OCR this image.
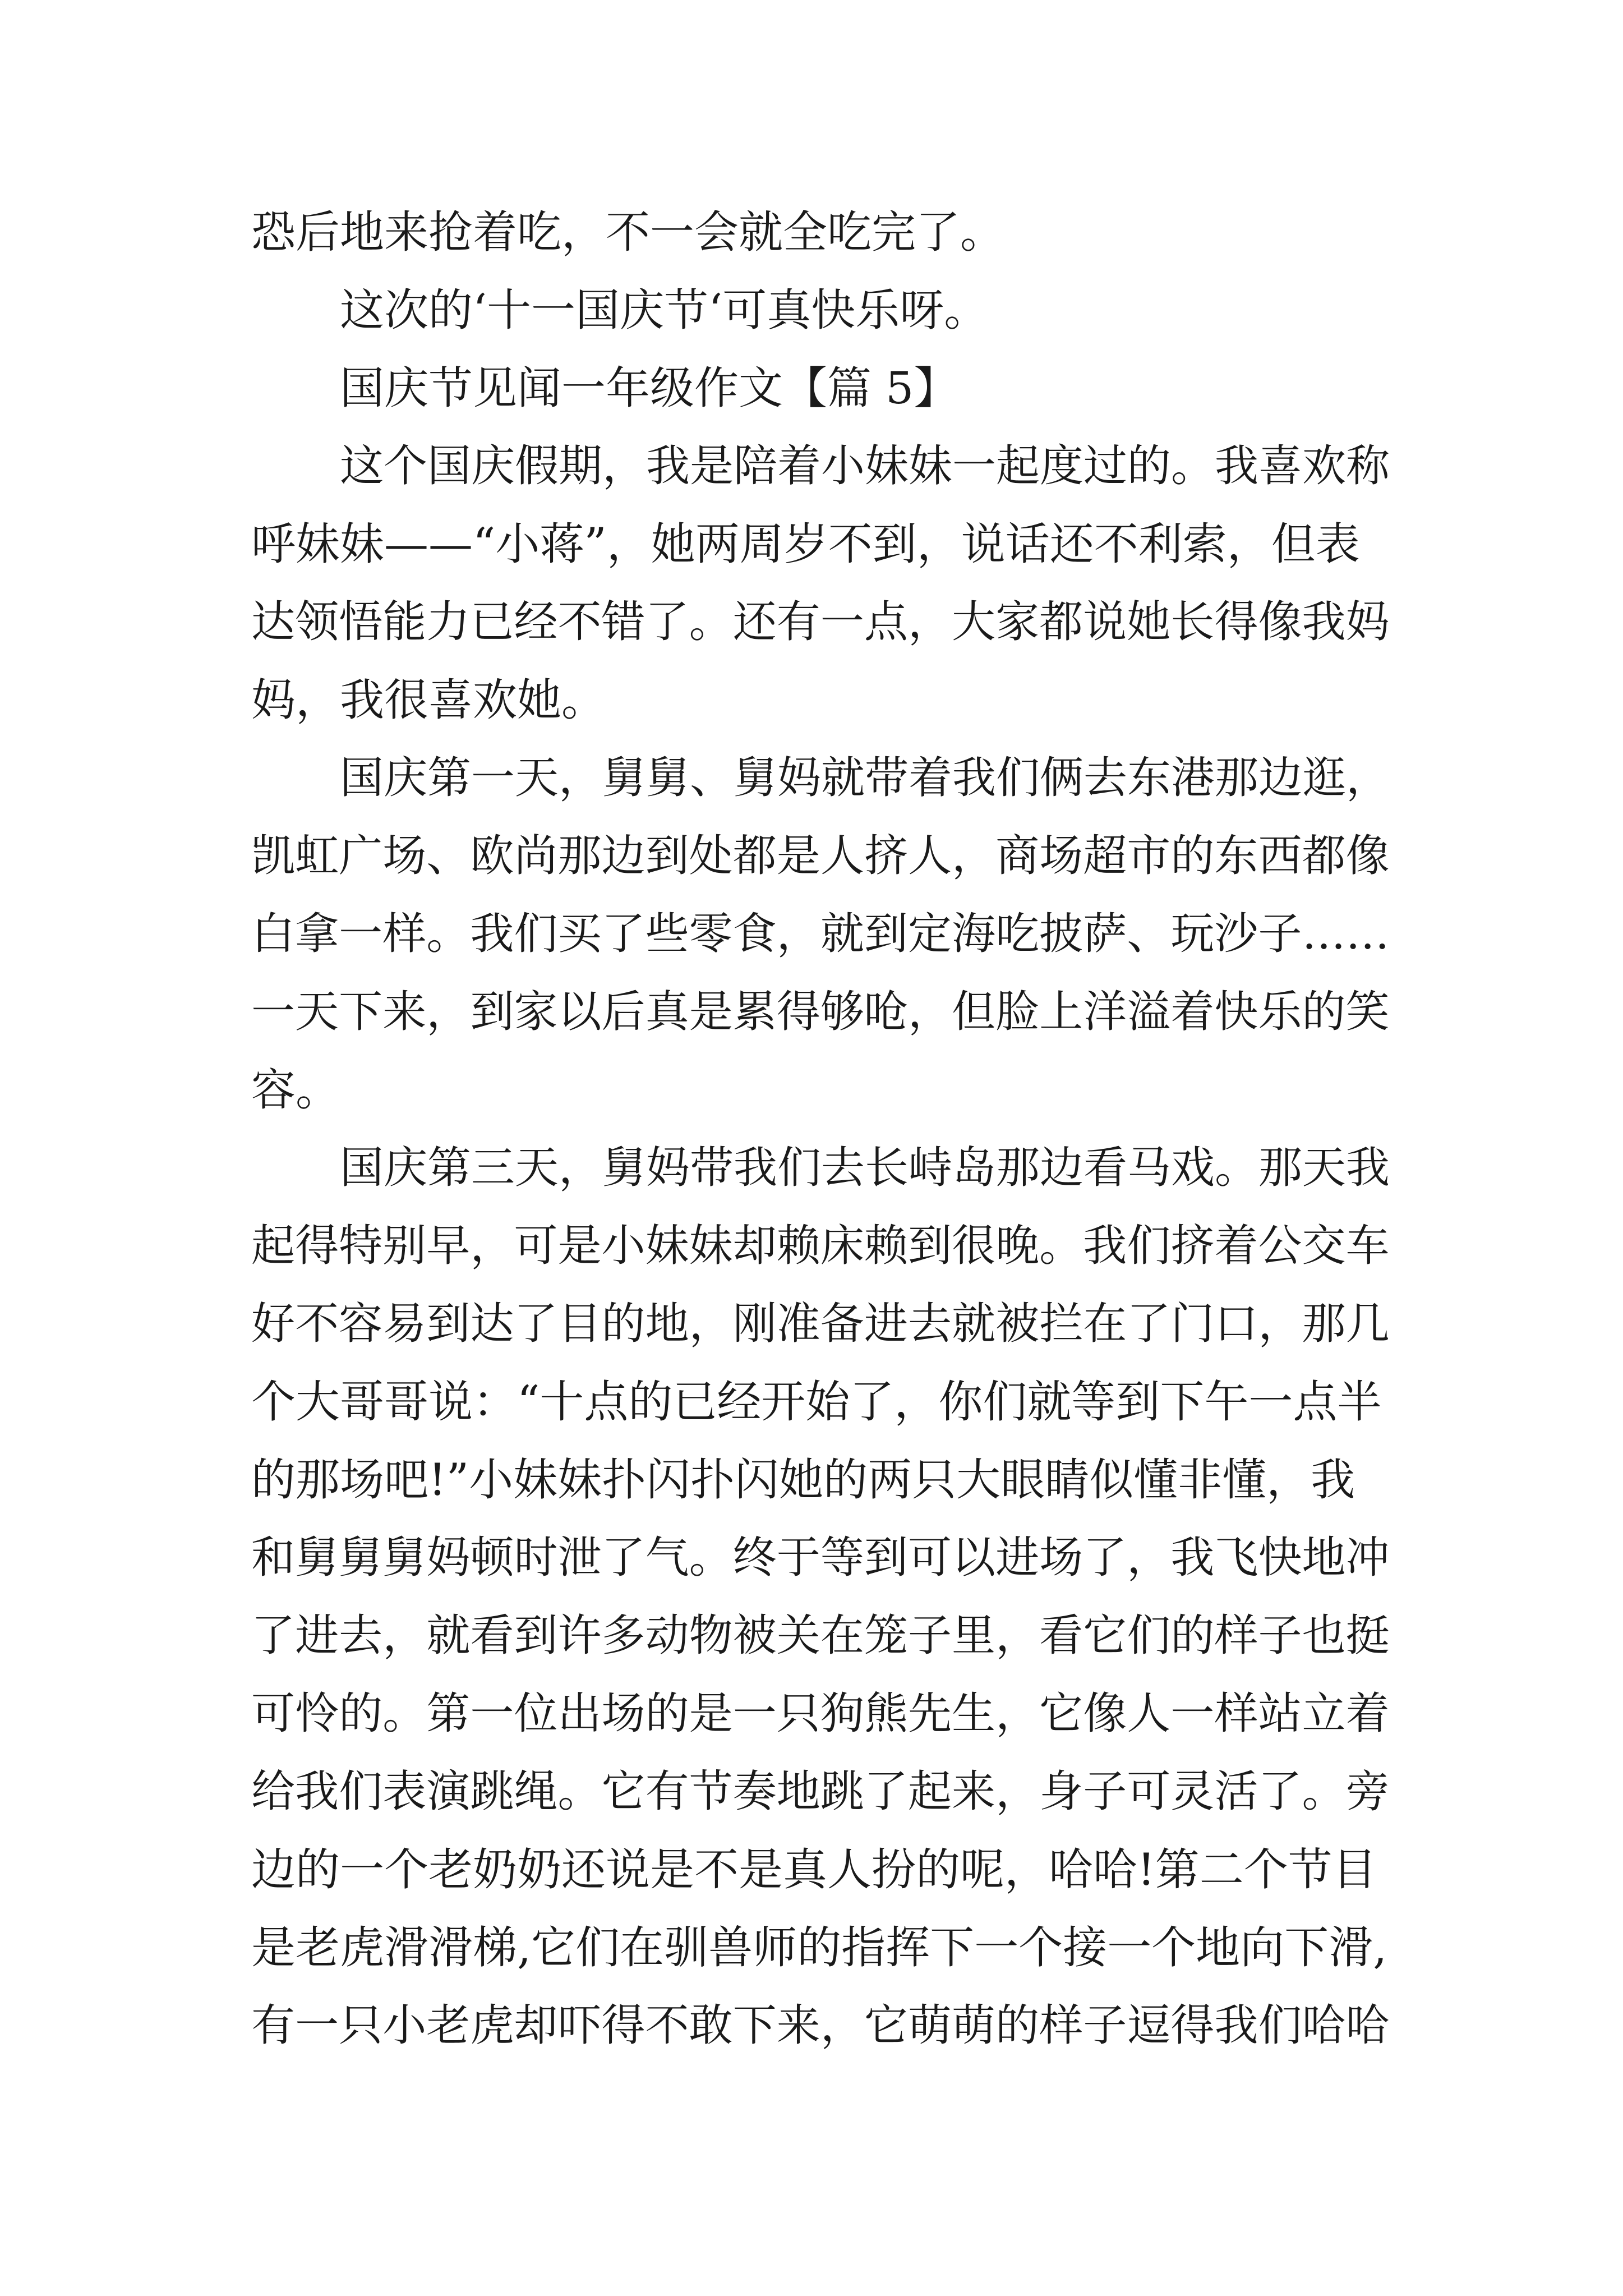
恐后地来抢着吃，不一会就全吃完了。
这次的‘十一国庆节‘可真快乐呀。
国庆节见闻一年级作文【篇 5】
这个国庆假期，我是陪着小妹妹一起度过的。我喜欢称
呼妹妹——“小蒋”，她两周岁不到，说话还不利索，但表
达领悟能力已经不错了。还有一点，大家都说她长得像我妈
妈，我很喜欢她。
国庆第一天，舅舅、舅妈就带着我们俩去东港那边逛，
凯虹广场、欧尚那边到处都是人挤人，商场超市的东西都像
白拿一样。我们买了些零食，就到定海吃披萨、玩沙子……
一天下来，到家以后真是累得够呛，但脸上洋溢着快乐的笑
容。
国庆第三天，舅妈带我们去长峙岛那边看马戏。那天我
起得特别早，可是小妹妹却赖床赖到很晚。我们挤着公交车
好不容易到达了目的地，刚准备进去就被拦在了门口，那几
个大哥哥说：“十点的已经开始了，你们就等到下午一点半
的那场吧!”小妹妹扑闪扑闪她的两只大眼睛似懂非懂，我
和舅舅舅妈顿时泄了气。终于等到可以进场了，我飞快地冲
了进去，就看到许多动物被关在笼子里，看它们的样子也挺
可怜的。第一位出场的是一只狗熊先生，它像人一样站立着
给我们表演跳绳。它有节奏地跳了起来，身子可灵活了。旁
边的一个老奶奶还说是不是真人扮的呢，哈哈!第二个节目
是老虎滑滑梯,它们在驯兽师的指挥下一个接一个地向下滑,
有一只小老虎却吓得不敢下来，它萌萌的样子逗得我们哈哈
